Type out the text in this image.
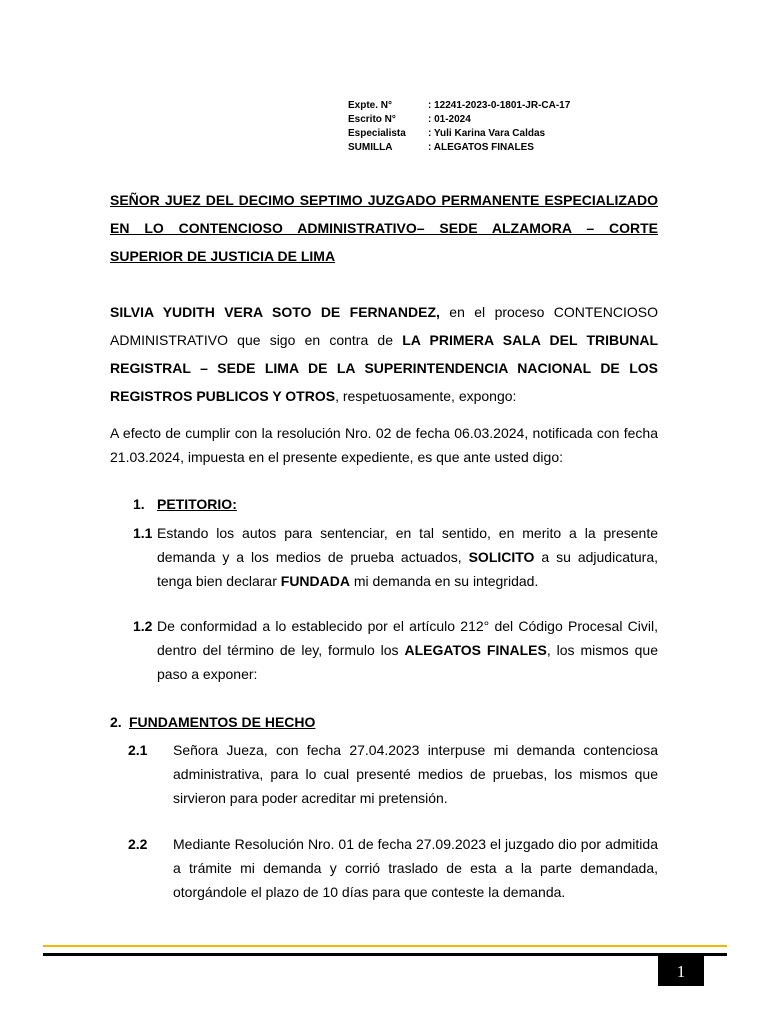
Expte. N°	: 12241-2023-0-1801-JR-CA-17
Escrito N°	: 01-2024
Especialista	: Yuli Karina Vara Caldas
SUMILLA	: ALEGATOS FINALES
SEÑOR JUEZ DEL DECIMO SEPTIMO JUZGADO PERMANENTE ESPECIALIZADO EN LO CONTENCIOSO ADMINISTRATIVO– SEDE ALZAMORA – CORTE SUPERIOR DE JUSTICIA DE LIMA
SILVIA YUDITH VERA SOTO DE FERNANDEZ, en el proceso CONTENCIOSO ADMINISTRATIVO que sigo en contra de LA PRIMERA SALA DEL TRIBUNAL REGISTRAL – SEDE LIMA DE LA SUPERINTENDENCIA NACIONAL DE LOS REGISTROS PUBLICOS Y OTROS, respetuosamente, expongo:
A efecto de cumplir con la resolución Nro. 02 de fecha 06.03.2024, notificada con fecha 21.03.2024, impuesta en el presente expediente, es que ante usted digo:
1. PETITORIO:
1.1 Estando los autos para sentenciar, en tal sentido, en merito a la presente demanda y a los medios de prueba actuados, SOLICITO a su adjudicatura, tenga bien declarar FUNDADA mi demanda en su integridad.
1.2 De conformidad a lo establecido por el artículo 212° del Código Procesal Civil, dentro del término de ley, formulo los ALEGATOS FINALES, los mismos que paso a exponer:
2. FUNDAMENTOS DE HECHO
2.1 Señora Jueza, con fecha 27.04.2023 interpuse mi demanda contenciosa administrativa, para lo cual presenté medios de pruebas, los mismos que sirvieron para poder acreditar mi pretensión.
2.2 Mediante Resolución Nro. 01 de fecha 27.09.2023 el juzgado dio por admitida a trámite mi demanda y corrió traslado de esta a la parte demandada, otorgándole el plazo de 10 días para que conteste la demanda.
1
